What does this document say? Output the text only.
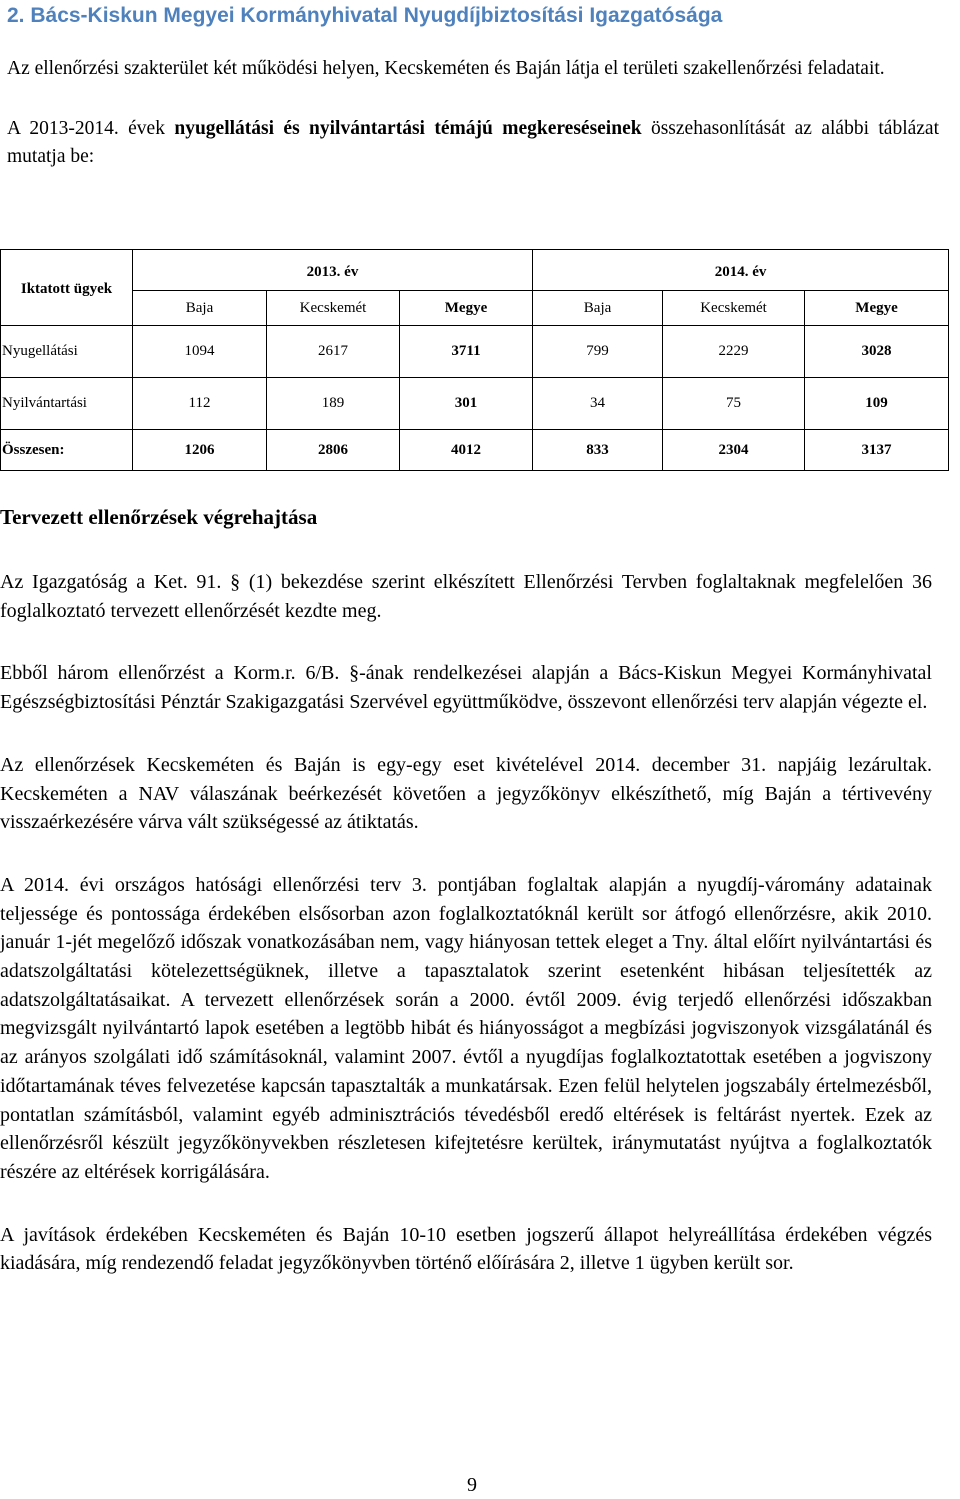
2. Bács-Kiskun Megyei Kormányhivatal Nyugdíjbiztosítási Igazgatósága

Az ellenőrzési szakterület két működési helyen, Kecskeméten és Baján látja el területi szakellenőrzési feladatait.

A 2013-2014. évek nyugellátási és nyilvántartási témájú megkereséseinek összehasonlítását az alábbi táblázat mutatja be:

Iktatott ügyek	2013. év			2014. év		
	Baja	Kecskemét	Megye	Baja	Kecskemét	Megye
Nyugellátási	1094	2617	3711	799	2229	3028
Nyilvántartási	112	189	301	34	75	109
Összesen:	1206	2806	4012	833	2304	3137
Tervezett ellenőrzések végrehajtása

Az Igazgatóság a Ket. 91. § (1) bekezdése szerint elkészített Ellenőrzési Tervben foglaltaknak megfelelően 36 foglalkoztató tervezett ellenőrzését kezdte meg.

Ebből három ellenőrzést a Korm.r. 6/B. §-ának rendelkezései alapján a Bács-Kiskun Megyei Kormányhivatal Egészségbiztosítási Pénztár Szakigazgatási Szervével együttműködve, összevont ellenőrzési terv alapján végezte el.

Az ellenőrzések Kecskeméten és Baján is egy-egy eset kivételével 2014. december 31. napjáig lezárultak. Kecskeméten a NAV válaszának beérkezését követően a jegyzőkönyv elkészíthető, míg Baján a tértivevény visszaérkezésére várva vált szükségessé az átiktatás.

A 2014. évi országos hatósági ellenőrzési terv 3. pontjában foglaltak alapján a nyugdíj-váromány adatainak teljessége és pontossága érdekében elsősorban azon foglalkoztatóknál került sor átfogó ellenőrzésre, akik 2010. január 1-jét megelőző időszak vonatkozásában nem, vagy hiányosan tettek eleget a Tny. által előírt nyilvántartási és adatszolgáltatási kötelezettségüknek, illetve a tapasztalatok szerint esetenként hibásan teljesítették az adatszolgáltatásaikat. A tervezett ellenőrzések során a 2000. évtől 2009. évig terjedő ellenőrzési időszakban megvizsgált nyilvántartó lapok esetében a legtöbb hibát és hiányosságot a megbízási jogviszonyok vizsgálatánál és az arányos szolgálati idő számításoknál, valamint 2007. évtől a nyugdíjas foglalkoztatottak esetében a jogviszony időtartamának téves felvezetése kapcsán tapasztalták a munkatársak. Ezen felül helytelen jogszabály értelmezésből, pontatlan számításból, valamint egyéb adminisztrációs tévedésből eredő eltérések is feltárást nyertek. Ezek az ellenőrzésről készült jegyzőkönyvekben részletesen kifejtetésre kerültek, iránymutatást nyújtva a foglalkoztatók részére az eltérések korrigálására.

A javítások érdekében Kecskeméten és Baján 10-10 esetben jogszerű állapot helyreállítása érdekében végzés kiadására, míg rendezendő feladat jegyzőkönyvben történő előírására 2, illetve 1 ügyben került sor.

9
